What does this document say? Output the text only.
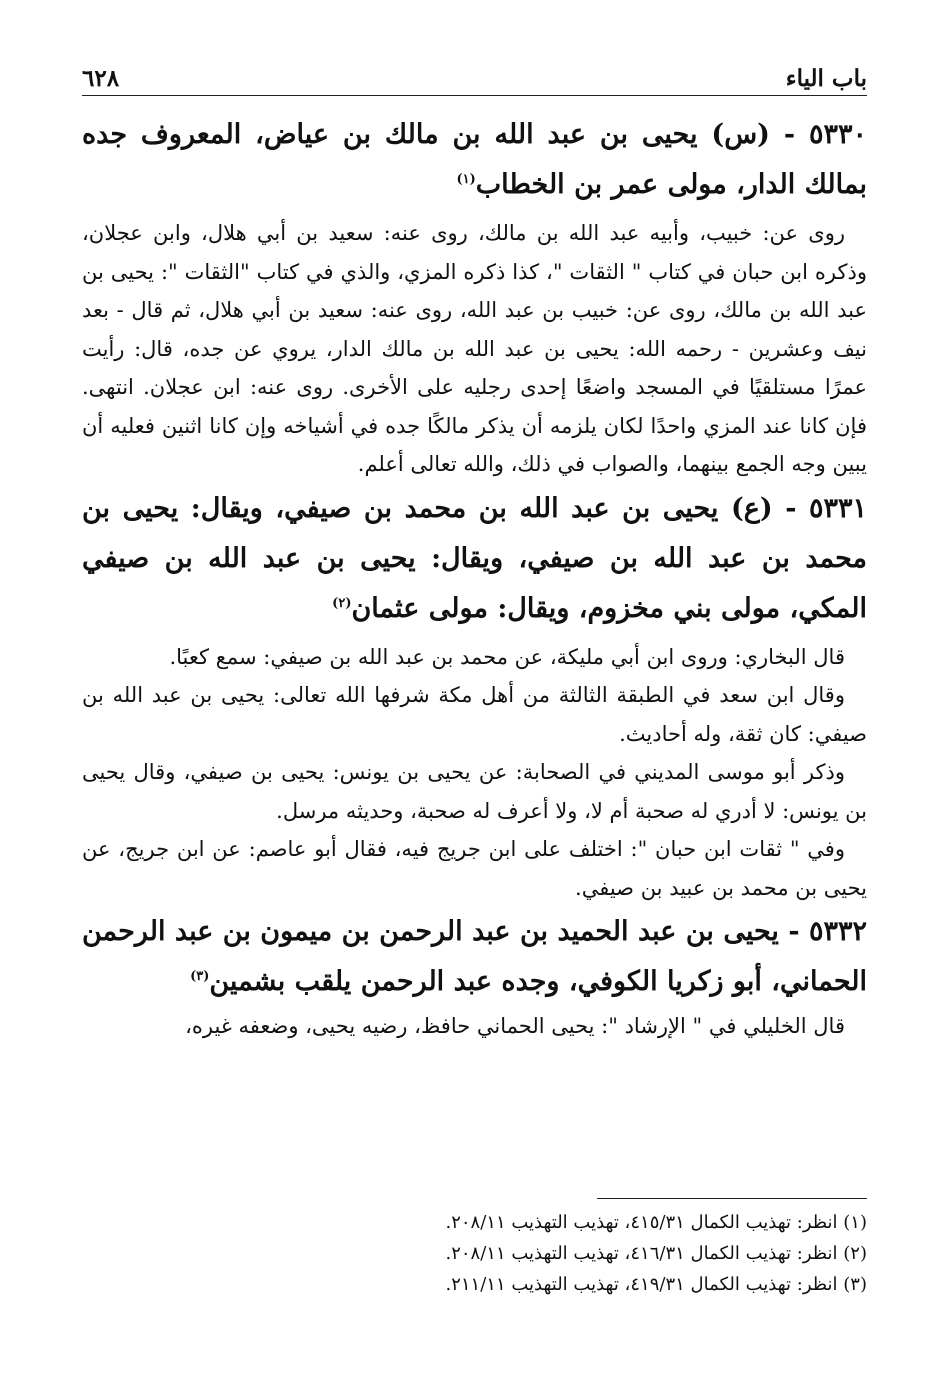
باب الياء
٦٢٨

٥٣٣٠ - (س) يحيى بن عبد الله بن مالك بن عياض، المعروف جده بمالك الدار، مولى عمر بن الخطاب$^{(١)}$

روى عن: خبيب، وأبيه عبد الله بن مالك، روى عنه: سعيد بن أبي هلال، وابن عجلان، وذكره ابن حبان في كتاب " الثقات "، كذا ذكره المزي، والذي في كتاب "الثقات ": يحيى بن عبد الله بن مالك، روى عن: خبيب بن عبد الله، روى عنه: سعيد بن أبي هلال، ثم قال - بعد نيف وعشرين - رحمه الله: يحيى بن عبد الله بن مالك الدار، يروي عن جده، قال: رأيت عمرًا مستلقيًا في المسجد واضعًا إحدى رجليه على الأخرى. روى عنه: ابن عجلان. انتهى. فإن كانا عند المزي واحدًا لكان يلزمه أن يذكر مالكًا جده في أشياخه وإن كانا اثنين فعليه أن يبين وجه الجمع بينهما، والصواب في ذلك، والله تعالى أعلم.

٥٣٣١ - (ع) يحيى بن عبد الله بن محمد بن صيفي، ويقال: يحيى بن محمد بن عبد الله بن صيفي، ويقال: يحيى بن عبد الله بن صيفي المكي، مولى بني مخزوم، ويقال: مولى عثمان$^{(٢)}$

قال البخاري: وروى ابن أبي مليكة، عن محمد بن عبد الله بن صيفي: سمع كعبًا.

وقال ابن سعد في الطبقة الثالثة من أهل مكة شرفها الله تعالى: يحيى بن عبد الله بن صيفي: كان ثقة، وله أحاديث.

وذكر أبو موسى المديني في الصحابة: عن يحيى بن يونس: يحيى بن صيفي، وقال يحيى بن يونس: لا أدري له صحبة أم لا، ولا أعرف له صحبة، وحديثه مرسل.

وفي " ثقات ابن حبان ": اختلف على ابن جريج فيه، فقال أبو عاصم: عن ابن جريج، عن يحيى بن محمد بن عبيد بن صيفي.

٥٣٣٢ - يحيى بن عبد الحميد بن عبد الرحمن بن ميمون بن عبد الرحمن الحماني، أبو زكريا الكوفي، وجده عبد الرحمن يلقب بشمين$^{(٣)}$

قال الخليلي في " الإرشاد ": يحيى الحماني حافظ، رضيه يحيى، وضعفه غيره،

(١) انظر: تهذيب الكمال ٤١٥/٣١، تهذيب التهذيب ٢٠٨/١١.

(٢) انظر: تهذيب الكمال ٤١٦/٣١، تهذيب التهذيب ٢٠٨/١١.

(٣) انظر: تهذيب الكمال ٤١٩/٣١، تهذيب التهذيب ٢١١/١١.
